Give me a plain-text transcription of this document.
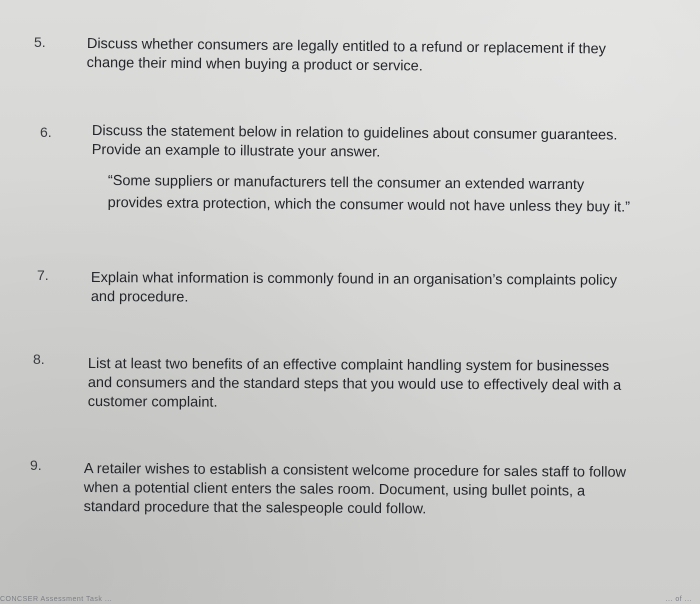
5.	Discuss whether consumers are legally entitled to a refund or replacement if they
change their mind when buying a product or service.
6.	Discuss the statement below in relation to guidelines about consumer guarantees.
Provide an example to illustrate your answer.
“Some suppliers or manufacturers tell the consumer an extended warranty
provides extra protection, which the consumer would not have unless they buy it.”
7.	Explain what information is commonly found in an organisation’s complaints policy
and procedure.
8.	List at least two benefits of an effective complaint handling system for businesses
and consumers and the standard steps that you would use to effectively deal with a
customer complaint.
9.	A retailer wishes to establish a consistent welcome procedure for sales staff to follow
when a potential client enters the sales room. Document, using bullet points, a
standard procedure that the salespeople could follow.
CONCSER Assessment Task ...	... of ...
